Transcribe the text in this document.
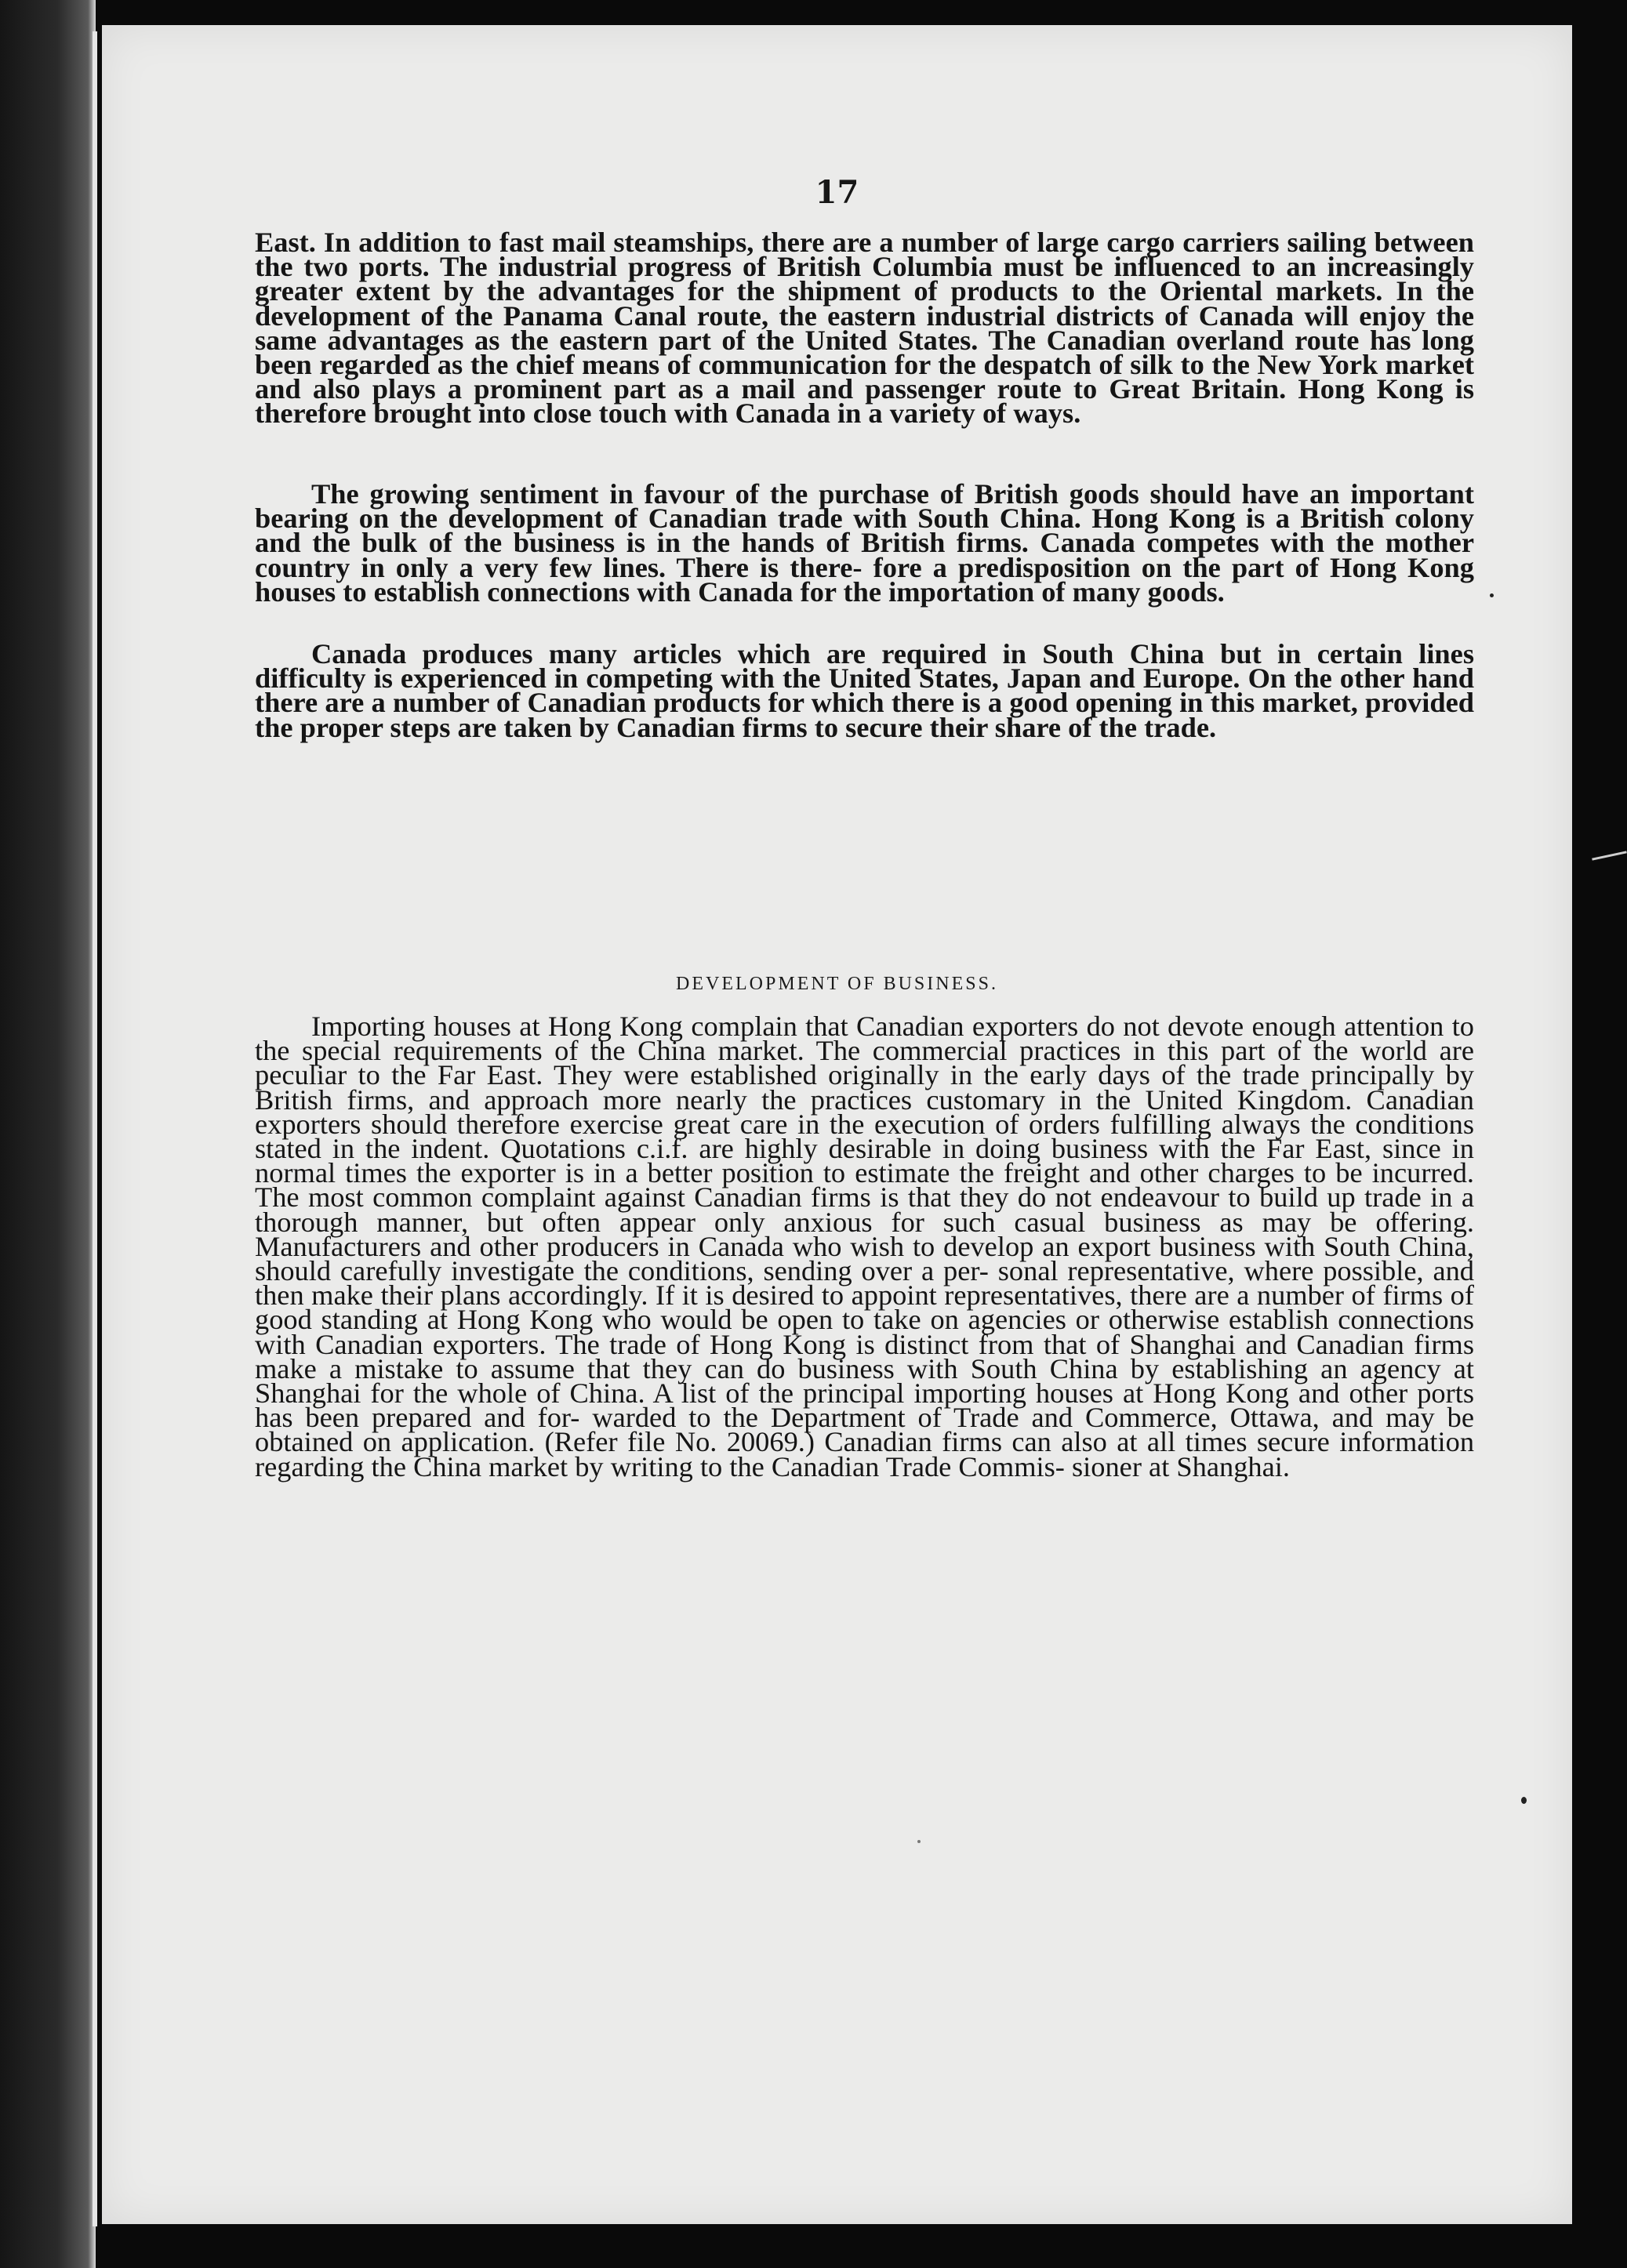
17

East. In addition to fast mail steamships, there are a number of large cargo carriers sailing between the two ports. The industrial progress of British Columbia must be influenced to an increasingly greater extent by the advantages for the shipment of products to the Oriental markets. In the development of the Panama Canal route, the eastern industrial districts of Canada will enjoy the same advantages as the eastern part of the United States. The Canadian overland route has long been regarded as the chief means of communication for the despatch of silk to the New York market and also plays a prominent part as a mail and passenger route to Great Britain. Hong Kong is therefore brought into close touch with Canada in a variety of ways.

The growing sentiment in favour of the purchase of British goods should have an important bearing on the development of Canadian trade with South China. Hong Kong is a British colony and the bulk of the business is in the hands of British firms. Canada competes with the mother country in only a very few lines. There is there- fore a predisposition on the part of Hong Kong houses to establish connections with Canada for the importation of many goods.

Canada produces many articles which are required in South China but in certain lines difficulty is experienced in competing with the United States, Japan and Europe. On the other hand there are a number of Canadian products for which there is a good opening in this market, provided the proper steps are taken by Canadian firms to secure their share of the trade.

DEVELOPMENT OF BUSINESS.

Importing houses at Hong Kong complain that Canadian exporters do not devote enough attention to the special requirements of the China market. The commercial practices in this part of the world are peculiar to the Far East. They were established originally in the early days of the trade principally by British firms, and approach more nearly the practices customary in the United Kingdom. Canadian exporters should therefore exercise great care in the execution of orders fulfilling always the conditions stated in the indent. Quotations c.i.f. are highly desirable in doing business with the Far East, since in normal times the exporter is in a better position to estimate the freight and other charges to be incurred. The most common complaint against Canadian firms is that they do not endeavour to build up trade in a thorough manner, but often appear only anxious for such casual business as may be offering. Manufacturers and other producers in Canada who wish to develop an export business with South China, should carefully investigate the conditions, sending over a per- sonal representative, where possible, and then make their plans accordingly. If it is desired to appoint representatives, there are a number of firms of good standing at Hong Kong who would be open to take on agencies or otherwise establish connections with Canadian exporters. The trade of Hong Kong is distinct from that of Shanghai and Canadian firms make a mistake to assume that they can do business with South China by establishing an agency at Shanghai for the whole of China. A list of the principal importing houses at Hong Kong and other ports has been prepared and for- warded to the Department of Trade and Commerce, Ottawa, and may be obtained on application. (Refer file No. 20069.) Canadian firms can also at all times secure information regarding the China market by writing to the Canadian Trade Commis- sioner at Shanghai.
